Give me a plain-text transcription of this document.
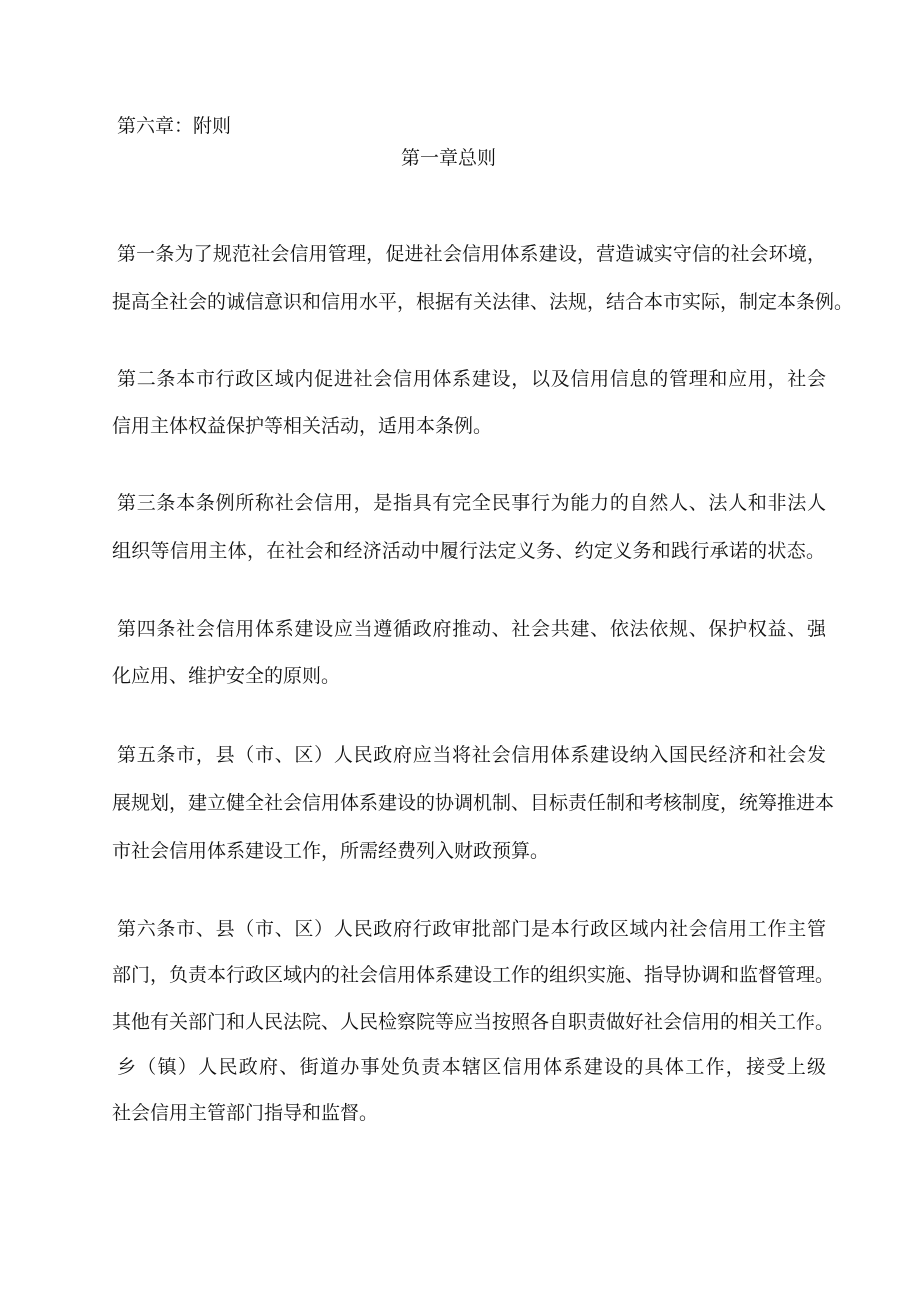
第六章：附则
第一章总则
第一条为了规范社会信用管理，促进社会信用体系建设，营造诚实守信的社会环境，
提高全社会的诚信意识和信用水平，根据有关法律、法规，结合本市实际，制定本条例。
第二条本市行政区域内促进社会信用体系建设，以及信用信息的管理和应用，社会
信用主体权益保护等相关活动，适用本条例。
第三条本条例所称社会信用，是指具有完全民事行为能力的自然人、法人和非法人
组织等信用主体，在社会和经济活动中履行法定义务、约定义务和践行承诺的状态。
第四条社会信用体系建设应当遵循政府推动、社会共建、依法依规、保护权益、强
化应用、维护安全的原则。
第五条市，县（市、区）人民政府应当将社会信用体系建设纳入国民经济和社会发
展规划，建立健全社会信用体系建设的协调机制、目标责任制和考核制度，统筹推进本
市社会信用体系建设工作，所需经费列入财政预算。
第六条市、县（市、区）人民政府行政审批部门是本行政区域内社会信用工作主管
部门，负责本行政区域内的社会信用体系建设工作的组织实施、指导协调和监督管理。
其他有关部门和人民法院、人民检察院等应当按照各自职责做好社会信用的相关工作。
乡（镇）人民政府、街道办事处负责本辖区信用体系建设的具体工作，接受上级
社会信用主管部门指导和监督。
